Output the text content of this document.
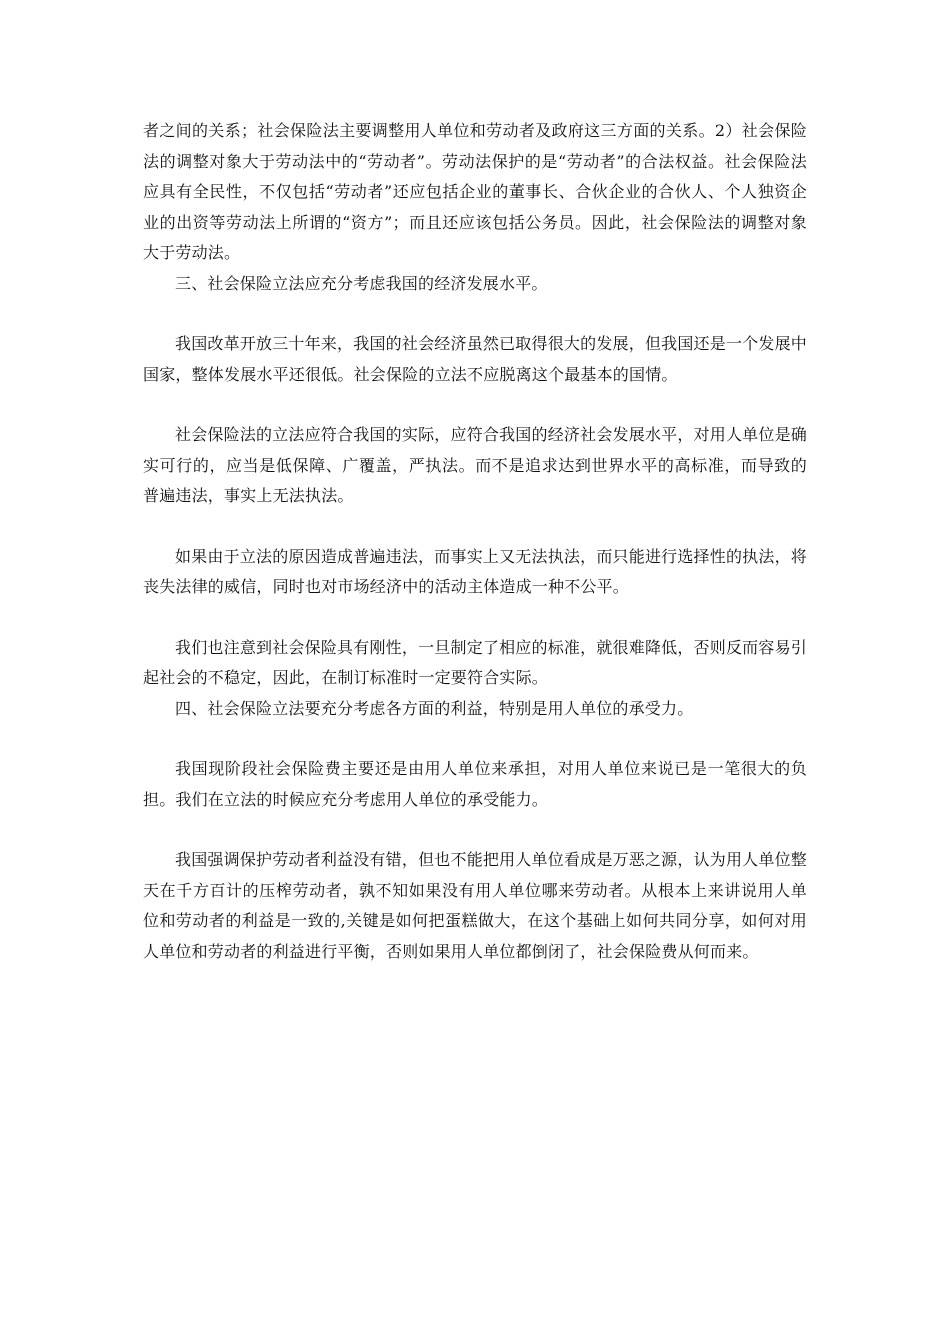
者之间的关系；社会保险法主要调整用人单位和劳动者及政府这三方面的关系。2）社会保险法的调整对象大于劳动法中的“劳动者”。劳动法保护的是“劳动者”的合法权益。社会保险法应具有全民性，不仅包括“劳动者”还应包括企业的董事长、合伙企业的合伙人、个人独资企业的出资等劳动法上所谓的“资方”；而且还应该包括公务员。因此，社会保险法的调整对象大于劳动法。

三、社会保险立法应充分考虑我国的经济发展水平。

我国改革开放三十年来，我国的社会经济虽然已取得很大的发展，但我国还是一个发展中国家，整体发展水平还很低。社会保险的立法不应脱离这个最基本的国情。

社会保险法的立法应符合我国的实际，应符合我国的经济社会发展水平，对用人单位是确实可行的，应当是低保障、广覆盖，严执法。而不是追求达到世界水平的高标准，而导致的普遍违法，事实上无法执法。

如果由于立法的原因造成普遍违法，而事实上又无法执法，而只能进行选择性的执法，将丧失法律的威信，同时也对市场经济中的活动主体造成一种不公平。

我们也注意到社会保险具有刚性，一旦制定了相应的标准，就很难降低，否则反而容易引起社会的不稳定，因此，在制订标准时一定要符合实际。

四、社会保险立法要充分考虑各方面的利益，特别是用人单位的承受力。

我国现阶段社会保险费主要还是由用人单位来承担，对用人单位来说已是一笔很大的负担。我们在立法的时候应充分考虑用人单位的承受能力。

我国强调保护劳动者利益没有错，但也不能把用人单位看成是万恶之源，认为用人单位整天在千方百计的压榨劳动者，孰不知如果没有用人单位哪来劳动者。从根本上来讲说用人单位和劳动者的利益是一致的,关键是如何把蛋糕做大，在这个基础上如何共同分享，如何对用人单位和劳动者的利益进行平衡，否则如果用人单位都倒闭了，社会保险费从何而来。
